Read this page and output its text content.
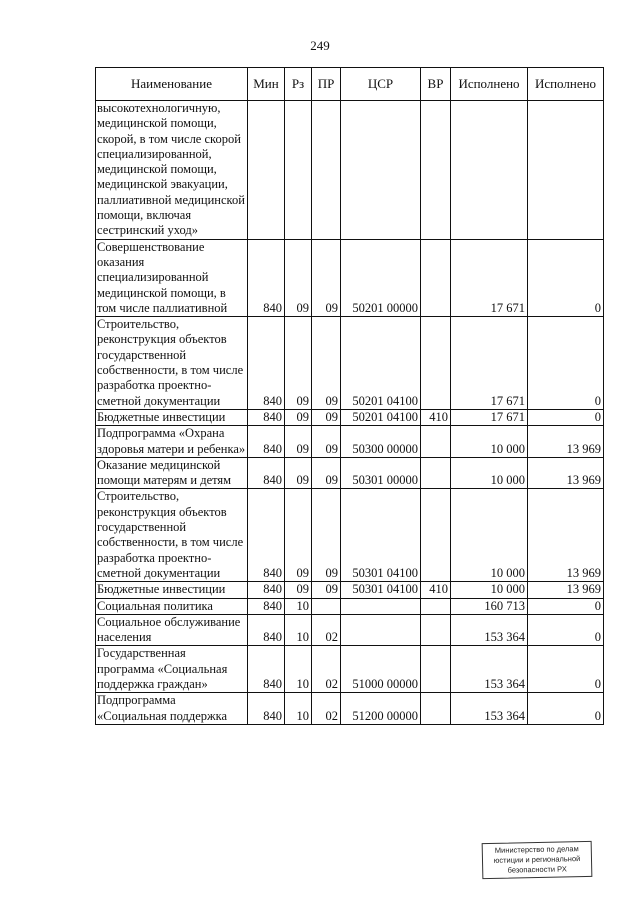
249
Наименование	Мин	Рз	ПР	ЦСР	ВР	Исполнено	Исполнено
высокотехнологичную, медицинской помощи, скорой, в том числе скорой специализированной, медицинской помощи, медицинской эвакуации, паллиативной медицинской помощи, включая сестринский уход»							
Совершенствование оказания специализированной медицинской помощи, в том числе паллиативной	840	09	09	50201 00000		17 671	0
Строительство, реконструкция объектов государственной собственности, в том числе разработка проектно-сметной документации	840	09	09	50201 04100		17 671	0
Бюджетные инвестиции	840	09	09	50201 04100	410	17 671	0
Подпрограмма «Охрана здоровья матери и ребенка»	840	09	09	50300 00000		10 000	13 969
Оказание медицинской помощи матерям и детям	840	09	09	50301 00000		10 000	13 969
Строительство, реконструкция объектов государственной собственности, в том числе разработка проектно-сметной документации	840	09	09	50301 04100		10 000	13 969
Бюджетные инвестиции	840	09	09	50301 04100	410	10 000	13 969
Социальная политика	840	10				160 713	0
Социальное обслуживание населения	840	10	02			153 364	0
Государственная программа «Социальная поддержка граждан»	840	10	02	51000 00000		153 364	0
Подпрограмма «Социальная поддержка	840	10	02	51200 00000		153 364	0
Министерство по делам
юстиции и региональной
безопасности РХ
